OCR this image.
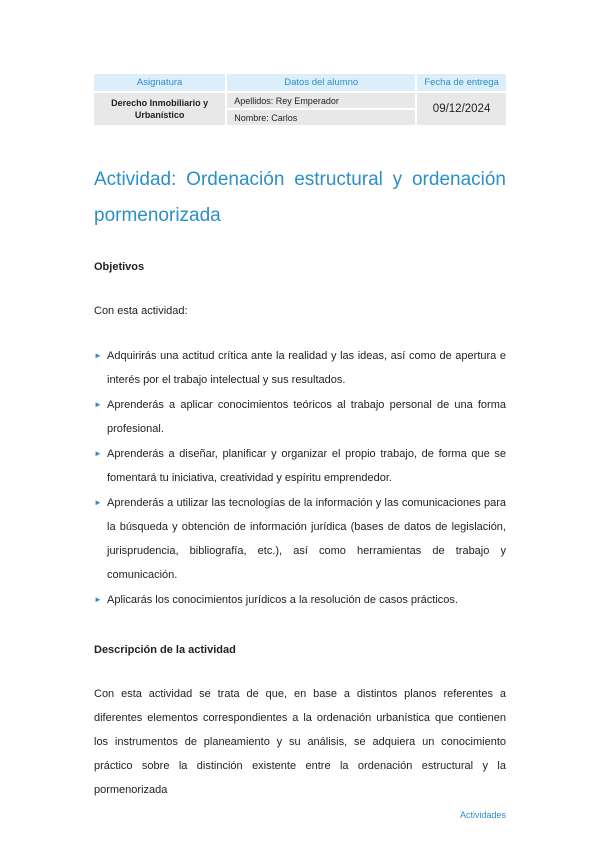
Asignatura	Datos del alumno	Fecha de entrega
Derecho Inmobiliario y Urbanístico	Apellidos: Rey Emperador	09/12/2024
	Nombre: Carlos	
Actividad: Ordenación estructural y ordenación pormenorizada
Objetivos

Con esta actividad:

► Adquirirás una actitud crítica ante la realidad y las ideas, así como de apertura e interés por el trabajo intelectual y sus resultados.
► Aprenderás a aplicar conocimientos teóricos al trabajo personal de una forma profesional.
► Aprenderás a diseñar, planificar y organizar el propio trabajo, de forma que se fomentará tu iniciativa, creatividad y espíritu emprendedor.
► Aprenderás a utilizar las tecnologías de la información y las comunicaciones para la búsqueda y obtención de información jurídica (bases de datos de legislación, jurisprudencia, bibliografía, etc.), así como herramientas de trabajo y comunicación.
► Aplicarás los conocimientos jurídicos a la resolución de casos prácticos.
Descripción de la actividad

Con esta actividad se trata de que, en base a distintos planos referentes a diferentes elementos correspondientes a la ordenación urbanística que contienen los instrumentos de planeamiento y su análisis, se adquiera un conocimiento práctico sobre la distinción existente entre la ordenación estructural y la pormenorizada

Actividades
